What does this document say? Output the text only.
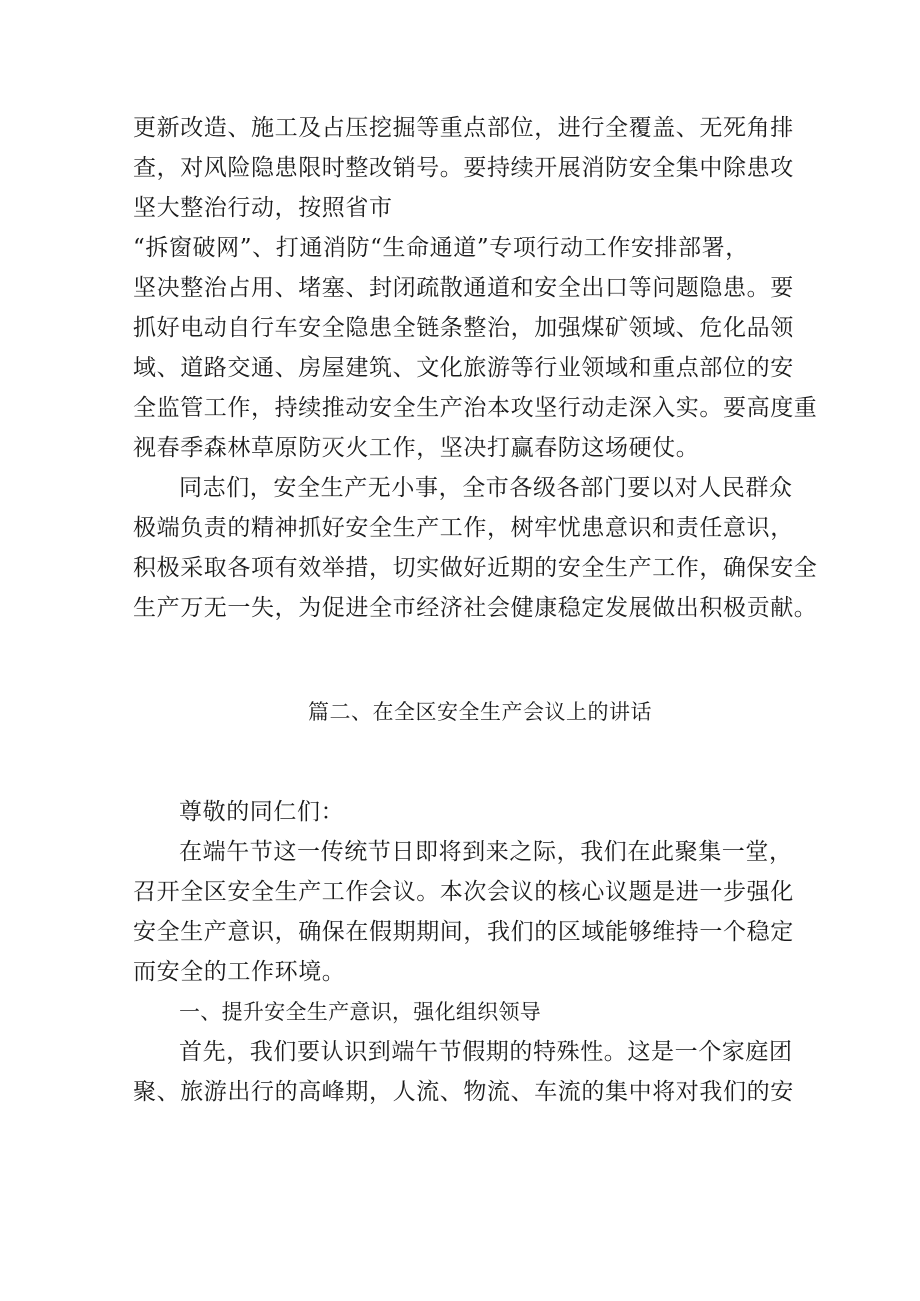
更新改造、施工及占压挖掘等重点部位，进行全覆盖、无死角排
查，对风险隐患限时整改销号。要持续开展消防安全集中除患攻
坚大整治行动，按照省市
“拆窗破网”、打通消防“生命通道”专项行动工作安排部署，
坚决整治占用、堵塞、封闭疏散通道和安全出口等问题隐患。要
抓好电动自行车安全隐患全链条整治，加强煤矿领域、危化品领
域、道路交通、房屋建筑、文化旅游等行业领域和重点部位的安
全监管工作，持续推动安全生产治本攻坚行动走深入实。要高度重
视春季森林草原防灭火工作，坚决打赢春防这场硬仗。
同志们，安全生产无小事，全市各级各部门要以对人民群众
极端负责的精神抓好安全生产工作，树牢忧患意识和责任意识，
积极采取各项有效举措，切实做好近期的安全生产工作，确保安全
生产万无一失，为促进全市经济社会健康稳定发展做出积极贡献。
篇二、在全区安全生产会议上的讲话
尊敬的同仁们：
在端午节这一传统节日即将到来之际，我们在此聚集一堂，
召开全区安全生产工作会议。本次会议的核心议题是进一步强化
安全生产意识，确保在假期期间，我们的区域能够维持一个稳定
而安全的工作环境。
一、提升安全生产意识，强化组织领导
首先，我们要认识到端午节假期的特殊性。这是一个家庭团
聚、旅游出行的高峰期，人流、物流、车流的集中将对我们的安
